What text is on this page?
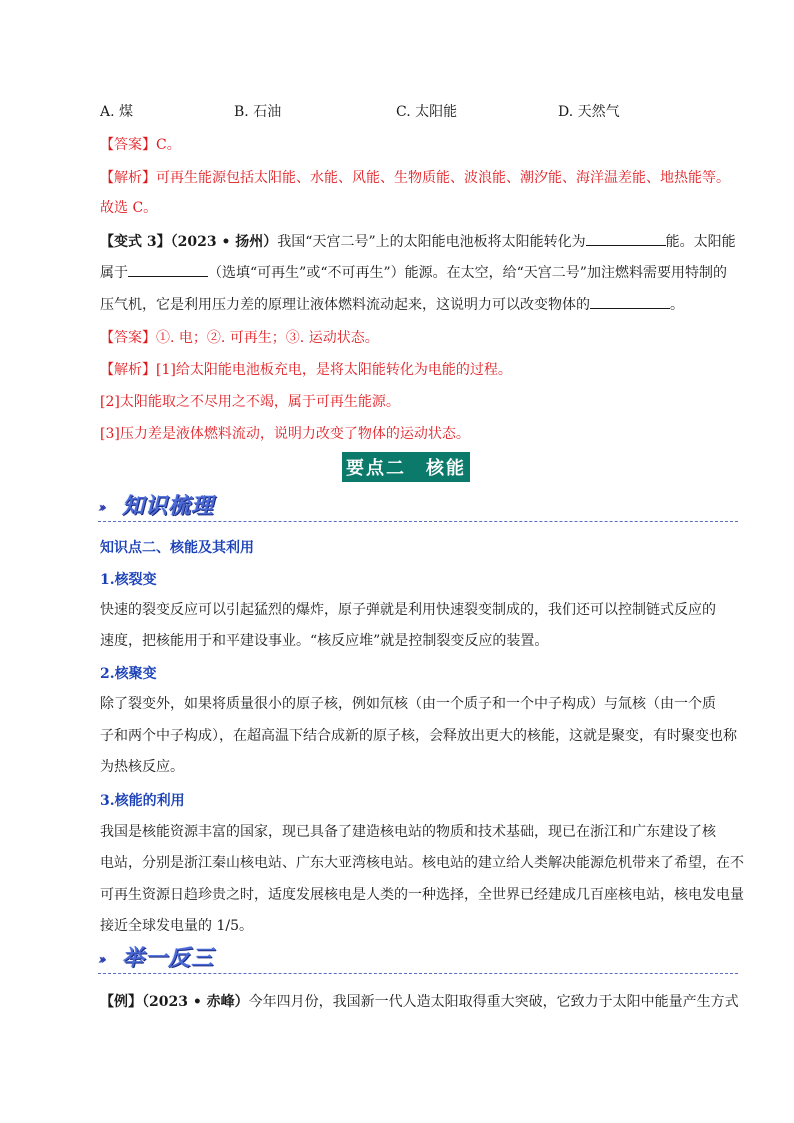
A. 煤	B. 石油	C. 太阳能	D. 天然气
【答案】C。
【解析】可再生能源包括太阳能、水能、风能、生物质能、波浪能、潮汐能、海洋温差能、地热能等。
故选 C。
【变式 3】（2023 • 扬州）我国“天宫二号”上的太阳能电池板将太阳能转化为	能。太阳能
属于	（选填“可再生”或“不可再生”）能源。在太空，给“天宫二号”加注燃料需要用特制的
压气机，它是利用压力差的原理让液体燃料流动起来，这说明力可以改变物体的	。
【答案】①. 电；②. 可再生；③. 运动状态。
【解析】[1]给太阳能电池板充电，是将太阳能转化为电能的过程。
[2]太阳能取之不尽用之不竭，属于可再生能源。
[3]压力差是液体燃料流动，说明力改变了物体的运动状态。
要点二　核能
››› 知识梳理
知识点二、核能及其利用
1.核裂变
快速的裂变反应可以引起猛烈的爆炸，原子弹就是利用快速裂变制成的，我们还可以控制链式反应的
速度，把核能用于和平建设事业。“核反应堆”就是控制裂变反应的装置。
2.核聚变
除了裂变外，如果将质量很小的原子核，例如氘核（由一个质子和一个中子构成）与氚核（由一个质
子和两个中子构成），在超高温下结合成新的原子核，会释放出更大的核能，这就是聚变，有时聚变也称
为热核反应。
3.核能的利用
我国是核能资源丰富的国家，现已具备了建造核电站的物质和技术基础，现已在浙江和广东建设了核
电站，分别是浙江秦山核电站、广东大亚湾核电站。核电站的建立给人类解决能源危机带来了希望，在不
可再生资源日趋珍贵之时，适度发展核电是人类的一种选择，全世界已经建成几百座核电站，核电发电量
接近全球发电量的 1/5。
››› 举一反三
【例】（2023 • 赤峰）今年四月份，我国新一代人造太阳取得重大突破，它致力于太阳中能量产生方式
